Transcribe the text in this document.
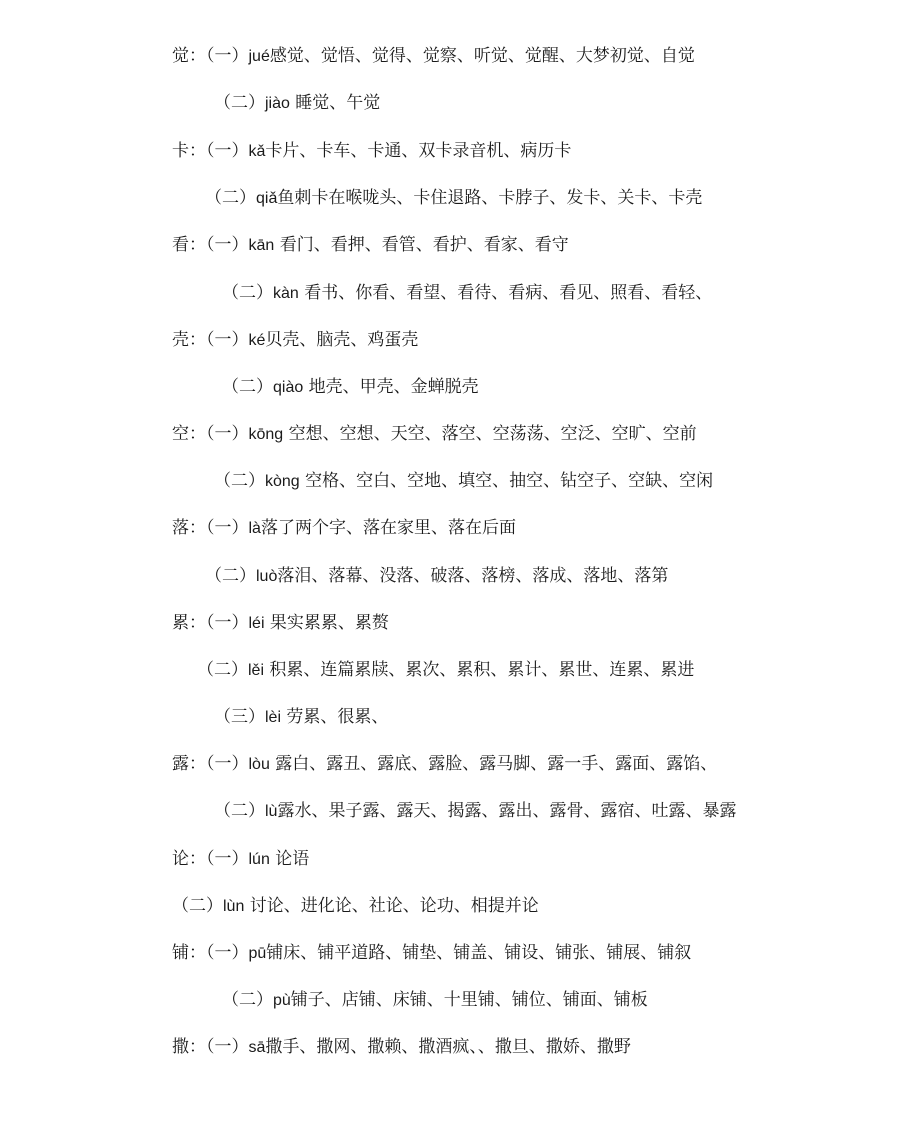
觉：（一）jué感觉、觉悟、觉得、觉察、听觉、觉醒、大梦初觉、自觉
（二）jiào 睡觉、午觉
卡：（一）kǎ卡片、卡车、卡通、双卡录音机、病历卡
（二）qiǎ鱼刺卡在喉咙头、卡住退路、卡脖子、发卡、关卡、卡壳
看：（一）kān 看门、看押、看管、看护、看家、看守
（二）kàn 看书、你看、看望、看待、看病、看见、照看、看轻、
壳：（一）ké贝壳、脑壳、鸡蛋壳
（二）qiào 地壳、甲壳、金蝉脱壳
空：（一）kōng 空想、空想、天空、落空、空荡荡、空泛、空旷、空前
（二）kòng 空格、空白、空地、填空、抽空、钻空子、空缺、空闲
落：（一）là落了两个字、落在家里、落在后面
（二）luò落泪、落幕、没落、破落、落榜、落成、落地、落第
累：（一）léi 果实累累、累赘
（二）lěi 积累、连篇累牍、累次、累积、累计、累世、连累、累进
（三）lèi 劳累、很累、
露：（一）lòu 露白、露丑、露底、露脸、露马脚、露一手、露面、露馅、
（二）lù露水、果子露、露天、揭露、露出、露骨、露宿、吐露、暴露
论：（一）lún 论语
（二）lùn 讨论、进化论、社论、论功、相提并论
铺：（一）pū铺床、铺平道路、铺垫、铺盖、铺设、铺张、铺展、铺叙
（二）pù铺子、店铺、床铺、十里铺、铺位、铺面、铺板
撒：（一）sā撒手、撒网、撒赖、撒酒疯、、撒旦、撒娇、撒野
